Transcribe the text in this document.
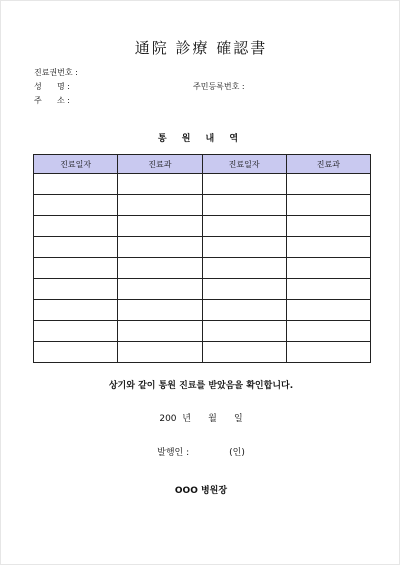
通院 診療 確認書
진료권번호 :
성      명 :
주      소 :
주민등록번호 :
통 원 내 역
진료일자	진료과	진료일자	진료과

상기와 같이 통원 진료를 받았음을 확인합니다.
200  년      월      일
발행인 :              (인)
OOO 병원장
